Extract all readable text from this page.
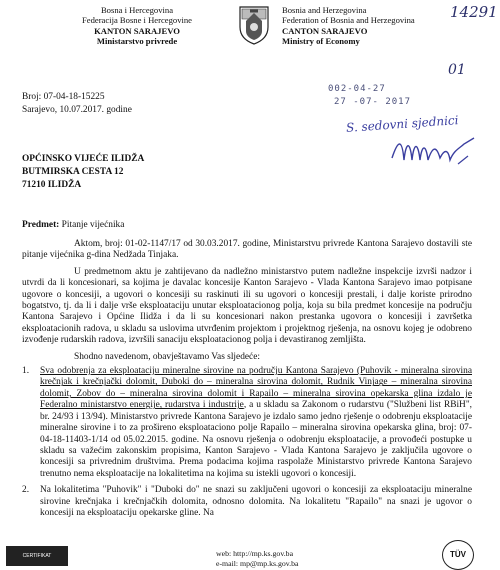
Bosna i Hercegovina
Federacija Bosne i Hercegovine
KANTON SARAJEVO
Ministarstvo privrede
Bosnia and Herzegovina
Federation of Bosnia and Herzegovina
CANTON SARAJEVO
Ministry of Economy
14291
002-04-27
27 -07- 2017
01
Broj: 07-04-18-15225
Sarajevo, 10.07.2017. godine
S. sedovni sjednici
OPĆINSKO VIJEĆE ILIDŽA
BUTMIRSKA CESTA 12
71210 ILIDŽA
Predmet: Pitanje vijećnika

Aktom, broj: 01-02-1147/17 od 30.03.2017. godine, Ministarstvu privrede Kantona Sarajevo dostavili ste pitanje vijećnika g-dina Nedžada Tinjaka.

U predmetnom aktu je zahtijevano da nadležno ministarstvo putem nadležne inspekcije izvrši nadzor i utvrdi da li koncesionari, sa kojima je davalac koncesije Kanton Sarajevo - Vlada Kantona Sarajevo imao potpisane ugovore o koncesiji, a ugovori o koncesiji su raskinuti ili su ugovori o koncesiji prestali, i dalje koriste prirodno bogatstvo, tj. da li i dalje vrše eksploataciju unutar eksploatacionog polja, koja su bila predmet koncesije na području Kantona Sarajevo i Općine Ilidža i da li su koncesionari nakon prestanka ugovora o koncesiji i završetka eksploatacionih radova, u skladu sa uslovima utvrđenim projektom i projektnog rješenja, na osnovu kojeg je odobreno izvođenje rudarskih radova, izvršili sanaciju eksploatacionog polja i devastiranog zemljišta.

Shodno navedenom, obavještavamo Vas sljedeće:

1.	Sva odobrenja za eksploataciju mineralne sirovine na području Kantona Sarajevo (Puhovik - mineralna sirovina krečnjak i krečnjački dolomit, Duboki do – mineralna sirovina dolomit, Rudnik Vinjage – mineralna sirovina dolomit, Zobov do – mineralna sirovina dolomit i Rapailo – mineralna sirovina opekarska glina izdalo je Federalno ministarstvo energije, rudarstva i industrije, a u skladu sa Zakonom o rudarstvu ("Službeni list RBiH", br. 24/93 i 13/94). Ministarstvo privrede Kantona Sarajevo je izdalo samo jedno rješenje o odobrenju eksploatacije mineralne sirovine i to za prošireno eksploataciono polje Rapailo – mineralna sirovina opekarska glina, broj: 07-04-18-11403-1/14 od 05.02.2015. godine. Na osnovu rješenja o odobrenju eksploatacije, a provođeći postupke u skladu sa važećim zakonskim propisima, Kanton Sarajevo - Vlada Kantona Sarajevo je zaključila ugovore o koncesiji sa privrednim društvima. Prema podacima kojima raspolaže Ministarstvo privrede Kantona Sarajevo trenutno nema eksploatacije na lokalitetima na kojima su istekli ugovori o koncesiji.
2.	Na lokalitetima "Puhovik" i "Duboki do" ne snazi su zaključeni ugovori o koncesiji za eksploataciju mineralne sirovine krečnjaka i krečnjačkih dolomita, odnosno dolomita. Na lokalitetu "Rapailo" na snazi je ugovor o koncesiji na eksploataciju opekarske gline. Na
CERTIFIKAT	web: http://mp.ks.gov.ba
e-mail: mp@mp.ks.gov.ba
TÜV
